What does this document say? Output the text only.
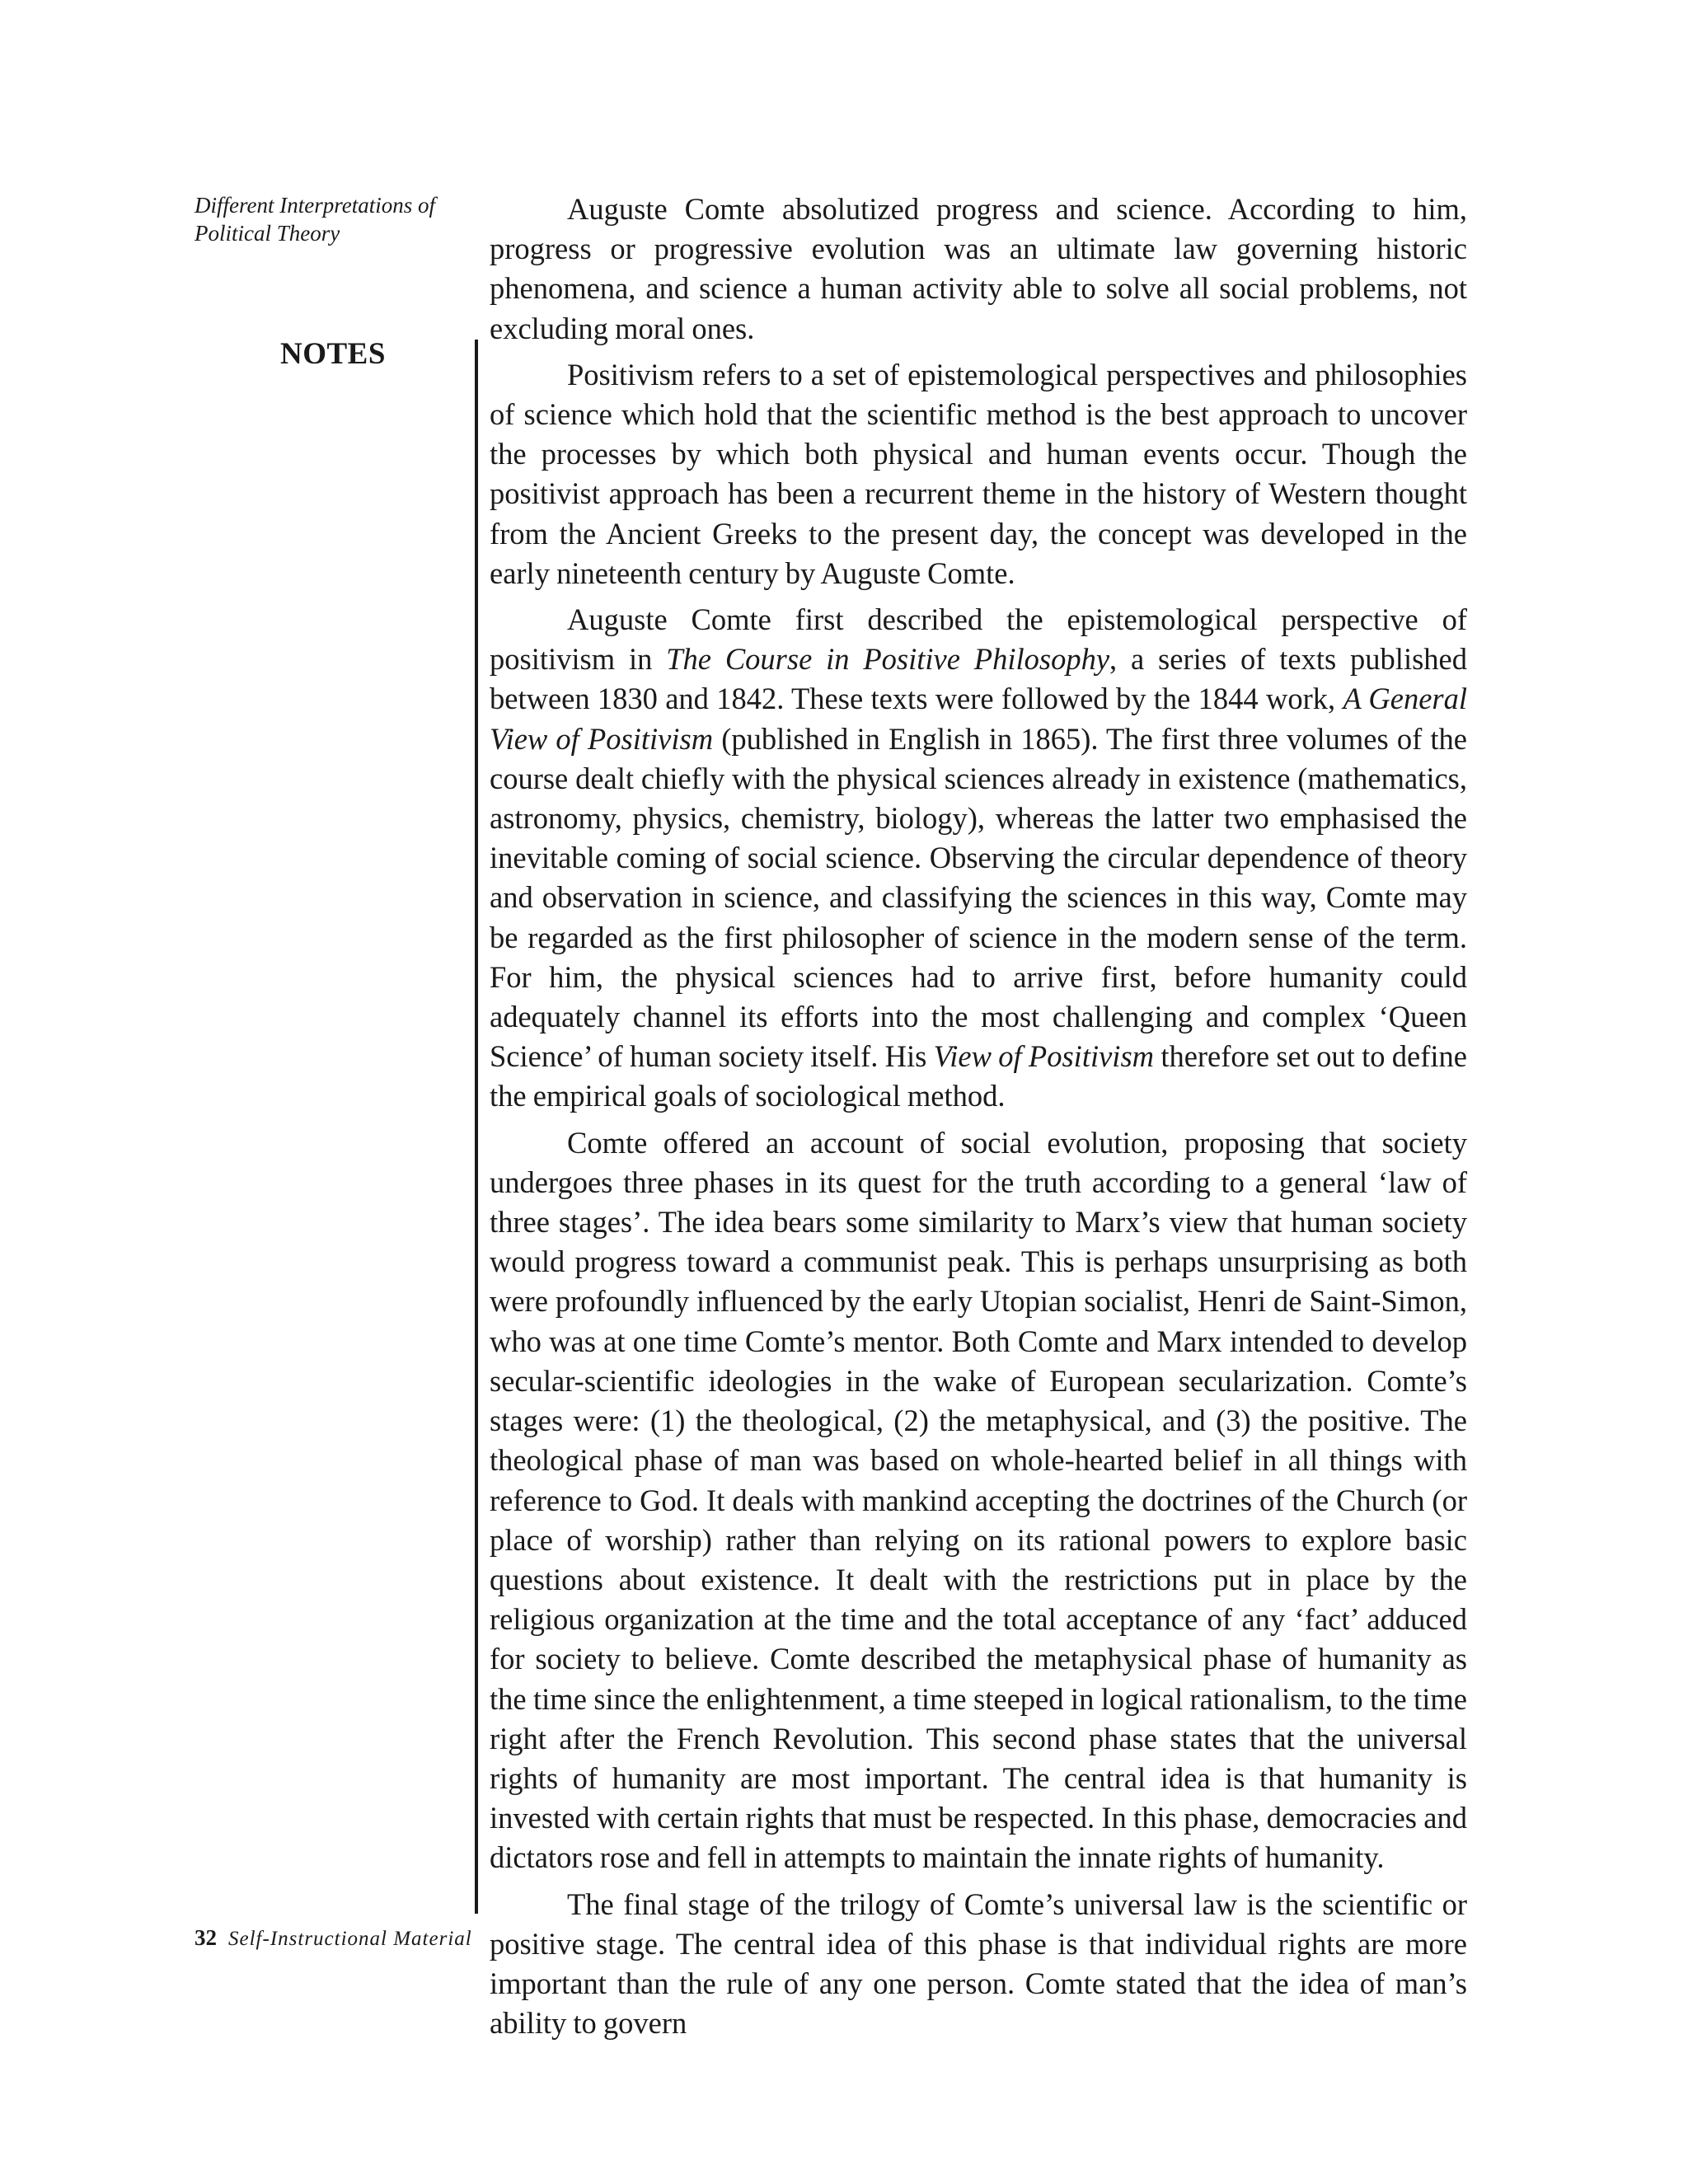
Different Interpretations of
Political Theory
NOTES

Auguste Comte absolutized progress and science. According to him, progress or progressive evolution was an ultimate law governing historic phenomena, and science a human activity able to solve all social problems, not excluding moral ones.

Positivism refers to a set of epistemological perspectives and philosophies of science which hold that the scientific method is the best approach to uncover the processes by which both physical and human events occur. Though the positivist approach has been a recurrent theme in the history of Western thought from the Ancient Greeks to the present day, the concept was developed in the early nineteenth century by Auguste Comte.

Auguste Comte first described the epistemological perspective of positivism in The Course in Positive Philosophy, a series of texts published between 1830 and 1842. These texts were followed by the 1844 work, A General View of Positivism (published in English in 1865). The first three volumes of the course dealt chiefly with the physical sciences already in existence (mathematics, astronomy, physics, chemistry, biology), whereas the latter two emphasised the inevitable coming of social science. Observing the circular dependence of theory and observation in science, and classifying the sciences in this way, Comte may be regarded as the first philosopher of science in the modern sense of the term. For him, the physical sciences had to arrive first, before humanity could adequately channel its efforts into the most challenging and complex ‘Queen Science’ of human society itself. His View of Positivism therefore set out to define the empirical goals of sociological method.

Comte offered an account of social evolution, proposing that society undergoes three phases in its quest for the truth according to a general ‘law of three stages’. The idea bears some similarity to Marx’s view that human society would progress toward a communist peak. This is perhaps unsurprising as both were profoundly influenced by the early Utopian socialist, Henri de Saint-Simon, who was at one time Comte’s mentor. Both Comte and Marx intended to develop secular-scientific ideologies in the wake of European secularization. Comte’s stages were: (1) the theological, (2) the metaphysical, and (3) the positive. The theological phase of man was based on whole-hearted belief in all things with reference to God. It deals with mankind accepting the doctrines of the Church (or place of worship) rather than relying on its rational powers to explore basic questions about existence. It dealt with the restrictions put in place by the religious organization at the time and the total acceptance of any ‘fact’ adduced for society to believe. Comte described the metaphysical phase of humanity as the time since the enlightenment, a time steeped in logical rationalism, to the time right after the French Revolution. This second phase states that the universal rights of humanity are most important. The central idea is that humanity is invested with certain rights that must be respected. In this phase, democracies and dictators rose and fell in attempts to maintain the innate rights of humanity.

The final stage of the trilogy of Comte’s universal law is the scientific or positive stage. The central idea of this phase is that individual rights are more important than the rule of any one person. Comte stated that the idea of man’s ability to govern

32 Self-Instructional Material
